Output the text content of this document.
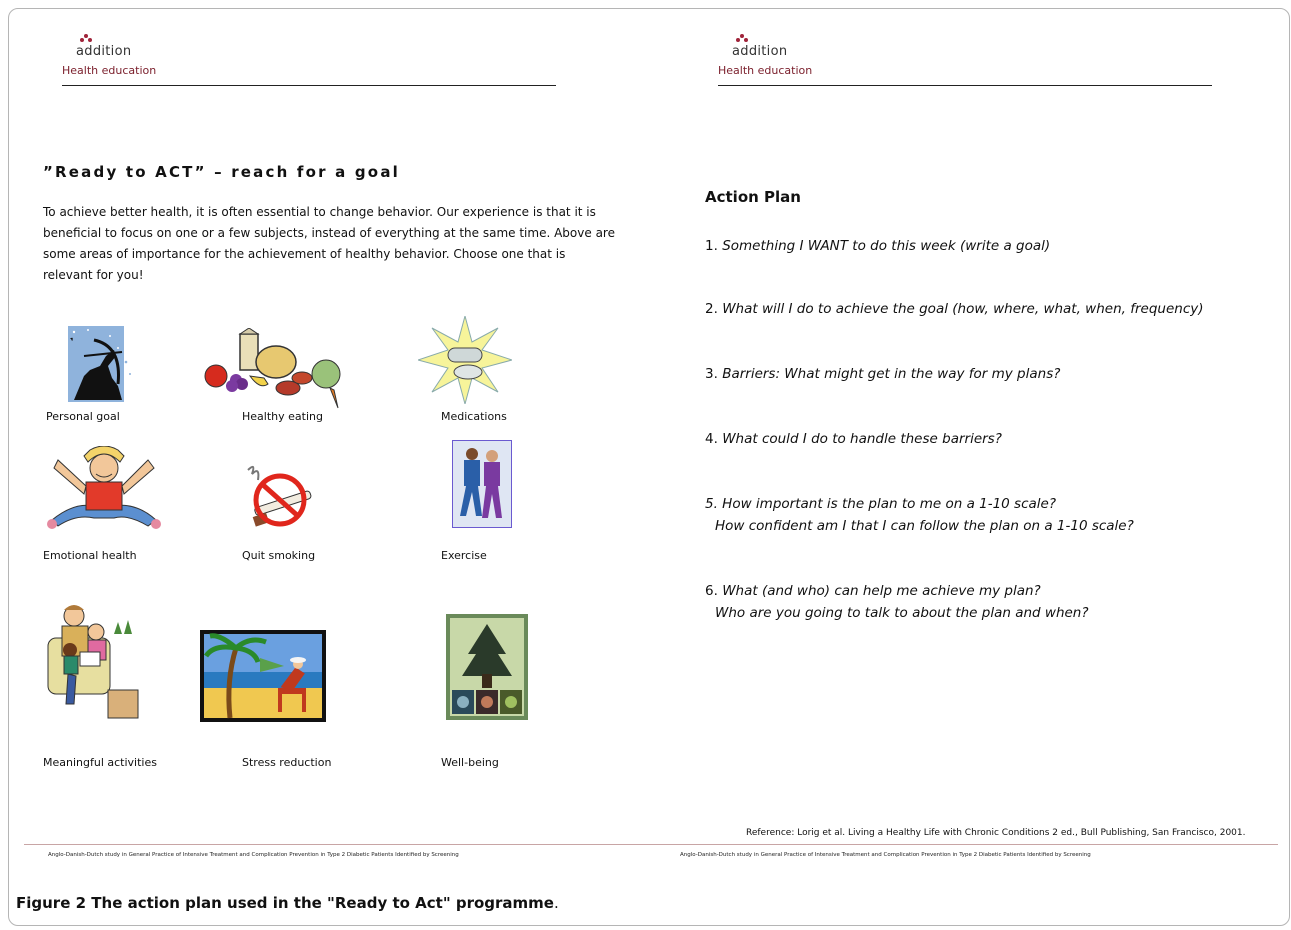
addition
Health education
addition
Health education
”Ready to ACT” – reach for a goal
To achieve better health, it is often essential to change behavior. Our experience is that it is beneficial to focus on one or a few subjects, instead of everything at the same time. Above are some areas of importance for the achievement of healthy behavior. Choose one that is relevant for you!
Personal goal	Healthy eating	Medications
Emotional health	Quit smoking	Exercise
Meaningful activities	Stress reduction	Well-being
Action Plan
1. Something I WANT to do this week (write a goal)
2. What will I do to achieve the goal (how, where, what, when, frequency)
3. Barriers: What might get in the way for my plans?
4. What could I do to handle these barriers?
5. How important is the plan to me on a 1-10 scale?
How confident am I that I can follow the plan on a 1-10 scale?
6. What (and who) can help me achieve my plan?
Who are you going to talk to about the plan and when?
Reference: Lorig et al. Living a Healthy Life with Chronic Conditions 2 ed., Bull Publishing, San Francisco, 2001.
Anglo-Danish-Dutch study in General Practice of Intensive Treatment and Complication Prevention in Type 2 Diabetic Patients Identified by Screening	Anglo-Danish-Dutch study in General Practice of Intensive Treatment and Complication Prevention in Type 2 Diabetic Patients Identified by Screening
Figure 2 The action plan used in the "Ready to Act" programme.
